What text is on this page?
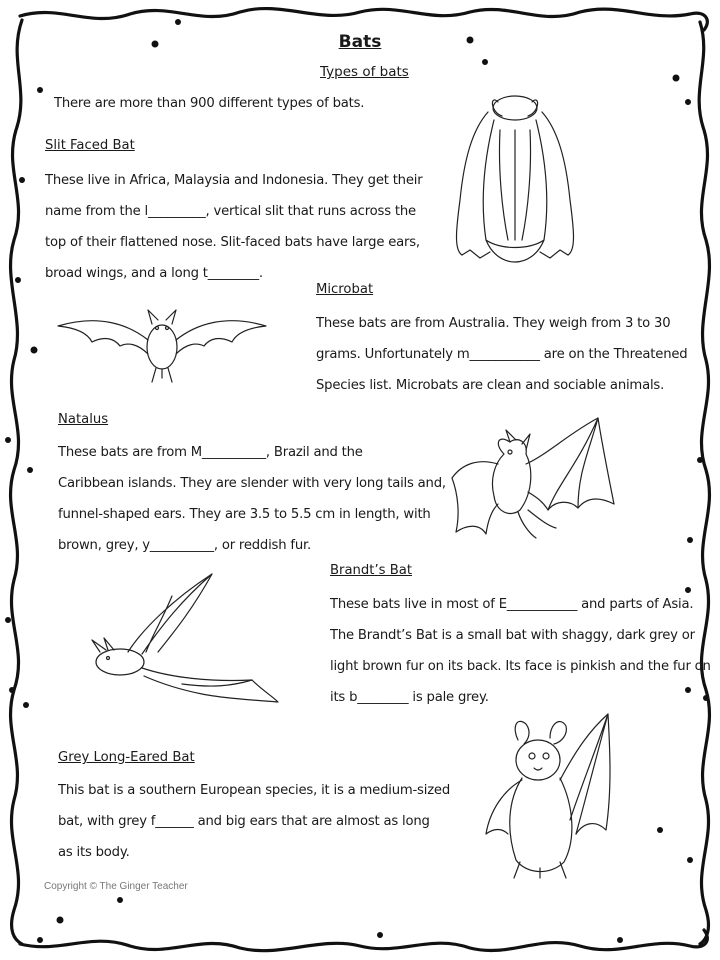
Bats
Types of bats
There are more than 900 different types of bats.
Slit Faced Bat
These live in Africa, Malaysia and Indonesia. They get their
name from the l_________, vertical slit that runs across the
top of their flattened nose. Slit-faced bats have large ears,
broad wings, and a long t________.
Microbat
These bats are from Australia. They weigh from 3 to 30
grams. Unfortunately m___________ are on the Threatened
Species list. Microbats are clean and sociable animals.
Natalus
These bats are from M__________, Brazil and the
Caribbean islands. They are slender with very long tails and,
funnel-shaped ears. They are 3.5 to 5.5 cm in length, with
brown, grey, y__________, or reddish fur.
Brandt’s Bat
These bats live in most of E___________ and parts of Asia.
The Brandt’s Bat is a small bat with shaggy, dark grey or
light brown fur on its back. Its face is pinkish and the fur on
its b________ is pale grey.
Grey Long-Eared Bat
This bat is a southern European species, it is a medium-sized
bat, with grey f______ and big ears that are almost as long
as its body.
Copyright © The Ginger Teacher
